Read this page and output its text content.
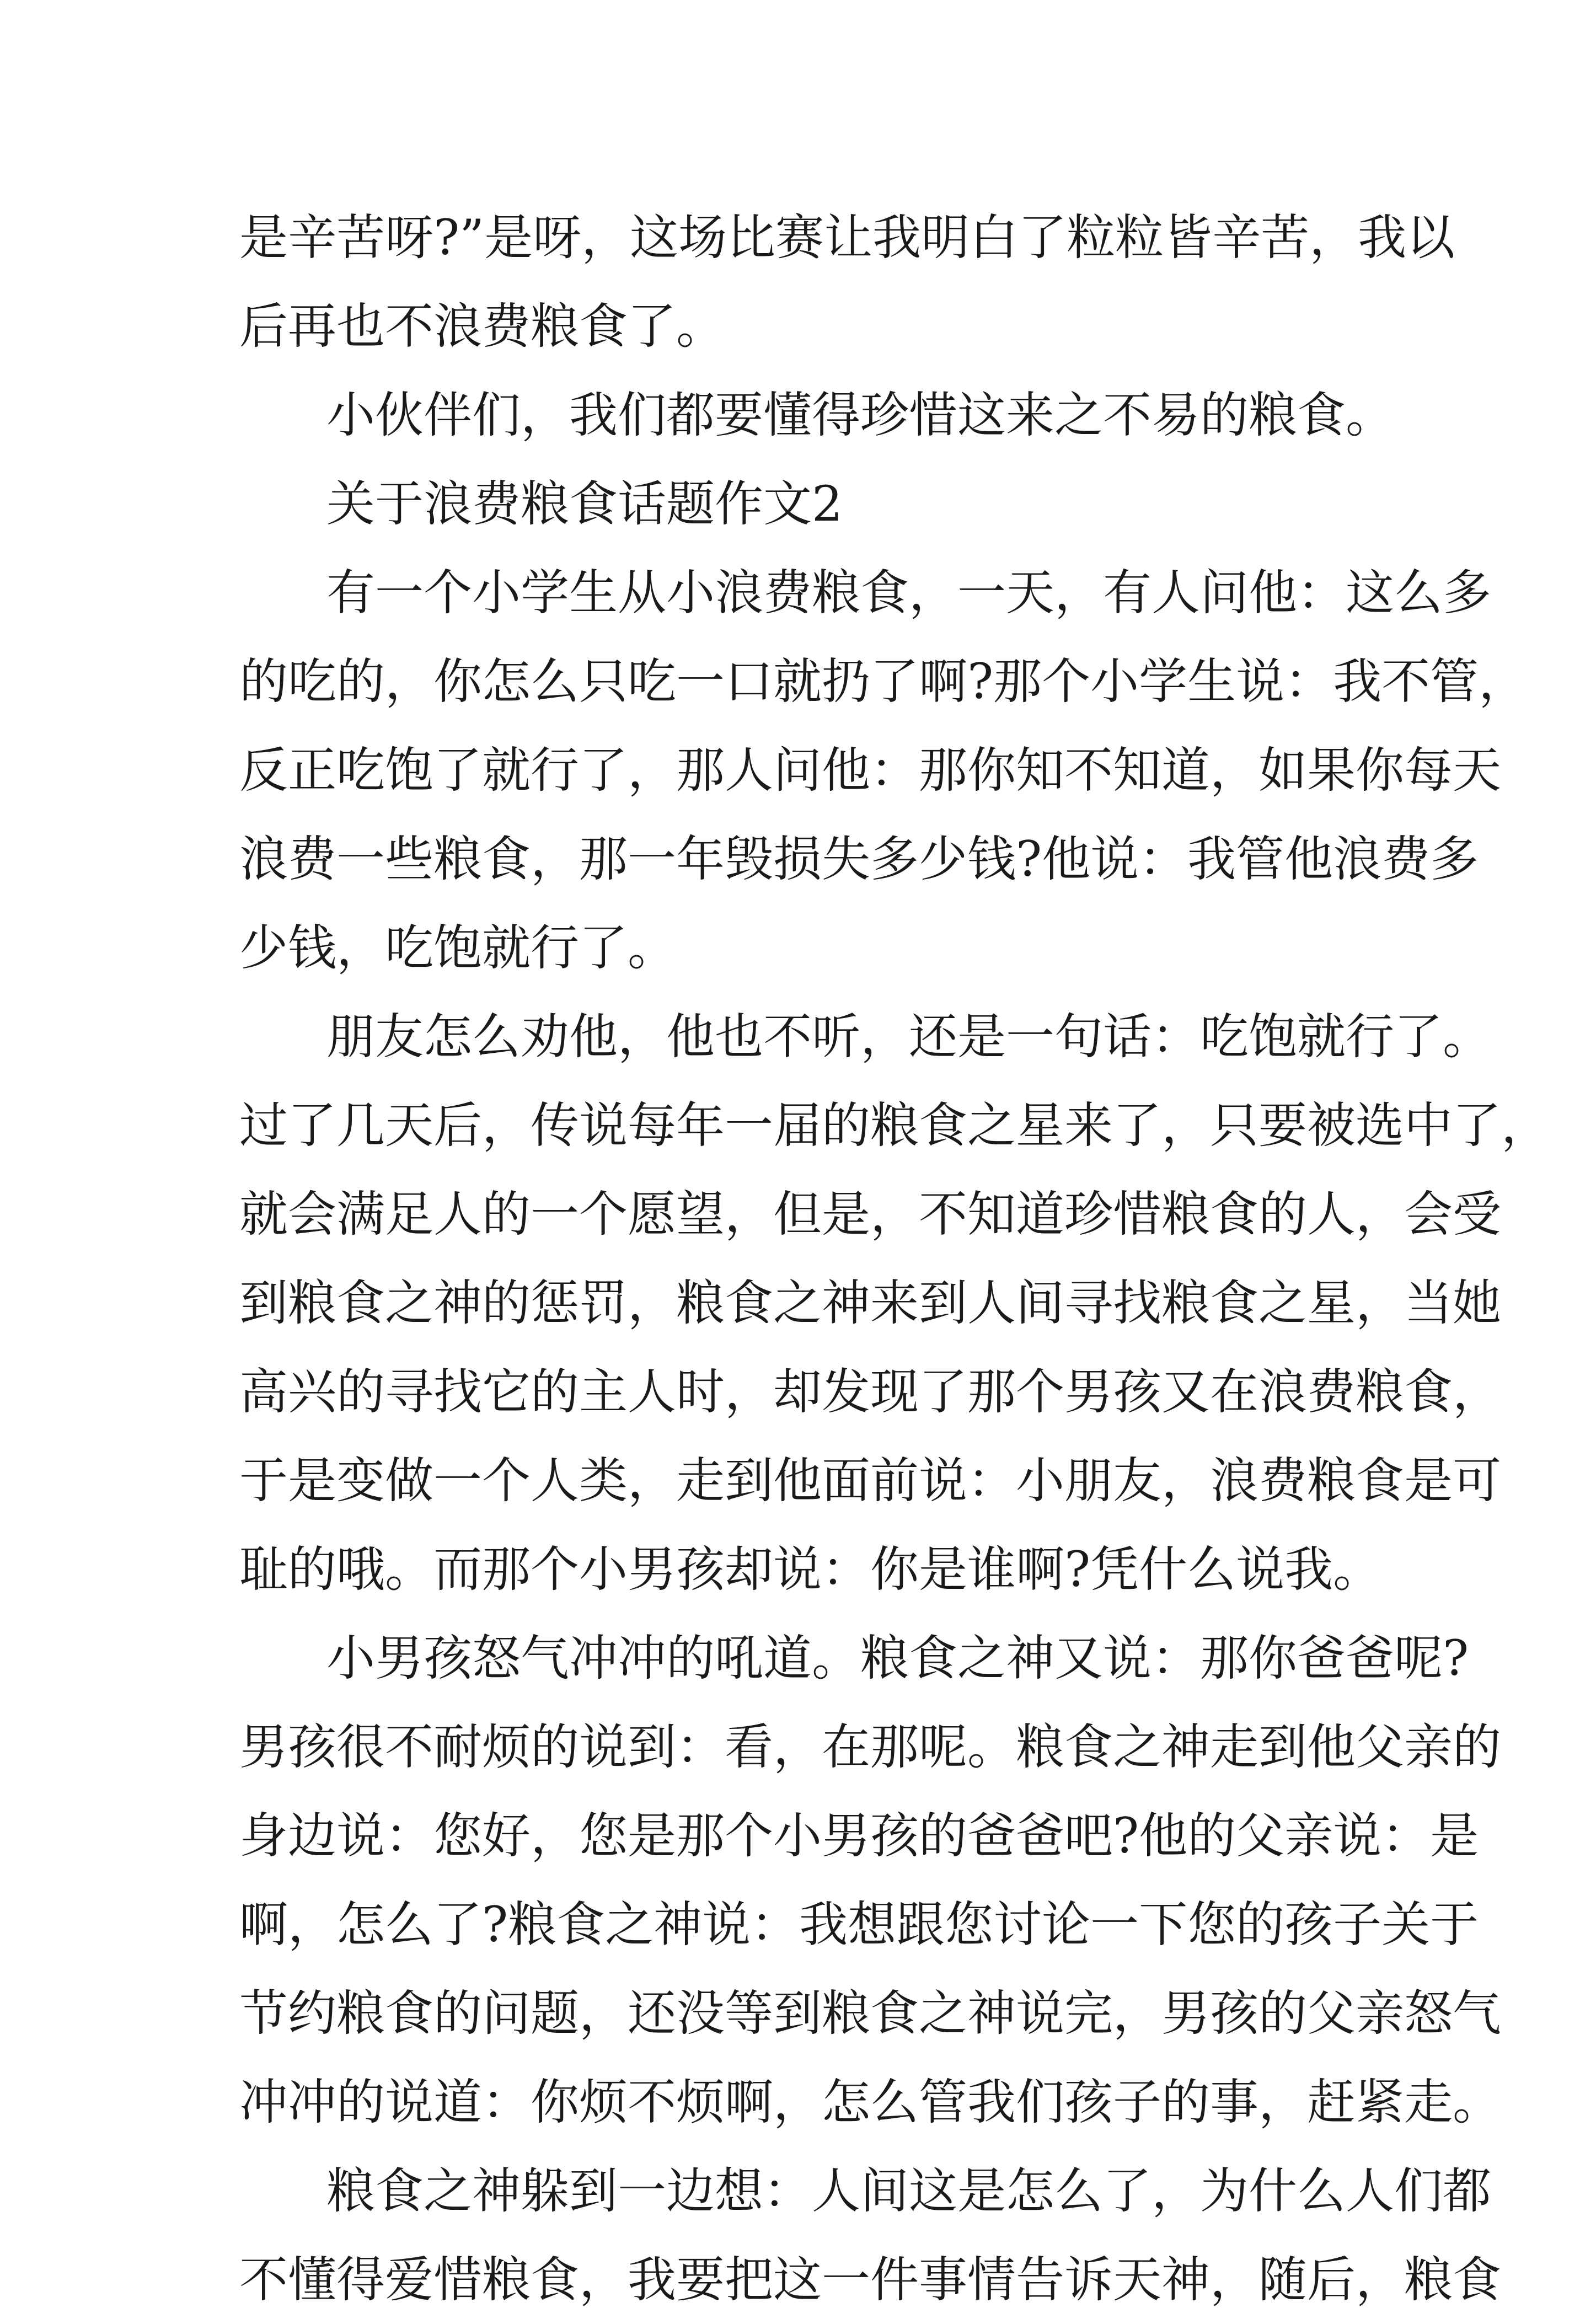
是辛苦呀?”是呀，这场比赛让我明白了粒粒皆辛苦，我以
后再也不浪费粮食了。
小伙伴们，我们都要懂得珍惜这来之不易的粮食。
关于浪费粮食话题作文2
有一个小学生从小浪费粮食，一天，有人问他：这么多
的吃的，你怎么只吃一口就扔了啊?那个小学生说：我不管，
反正吃饱了就行了，那人问他：那你知不知道，如果你每天
浪费一些粮食，那一年毁损失多少钱?他说：我管他浪费多
少钱，吃饱就行了。
朋友怎么劝他，他也不听，还是一句话：吃饱就行了。
过了几天后，传说每年一届的粮食之星来了，只要被选中了，
就会满足人的一个愿望，但是，不知道珍惜粮食的人，会受
到粮食之神的惩罚，粮食之神来到人间寻找粮食之星，当她
高兴的寻找它的主人时，却发现了那个男孩又在浪费粮食，
于是变做一个人类，走到他面前说：小朋友，浪费粮食是可
耻的哦。而那个小男孩却说：你是谁啊?凭什么说我。
小男孩怒气冲冲的吼道。粮食之神又说：那你爸爸呢?
男孩很不耐烦的说到：看，在那呢。粮食之神走到他父亲的
身边说：您好，您是那个小男孩的爸爸吧?他的父亲说：是
啊，怎么了?粮食之神说：我想跟您讨论一下您的孩子关于
节约粮食的问题，还没等到粮食之神说完，男孩的父亲怒气
冲冲的说道：你烦不烦啊，怎么管我们孩子的事，赶紧走。
粮食之神躲到一边想：人间这是怎么了，为什么人们都
不懂得爱惜粮食，我要把这一件事情告诉天神，随后，粮食
